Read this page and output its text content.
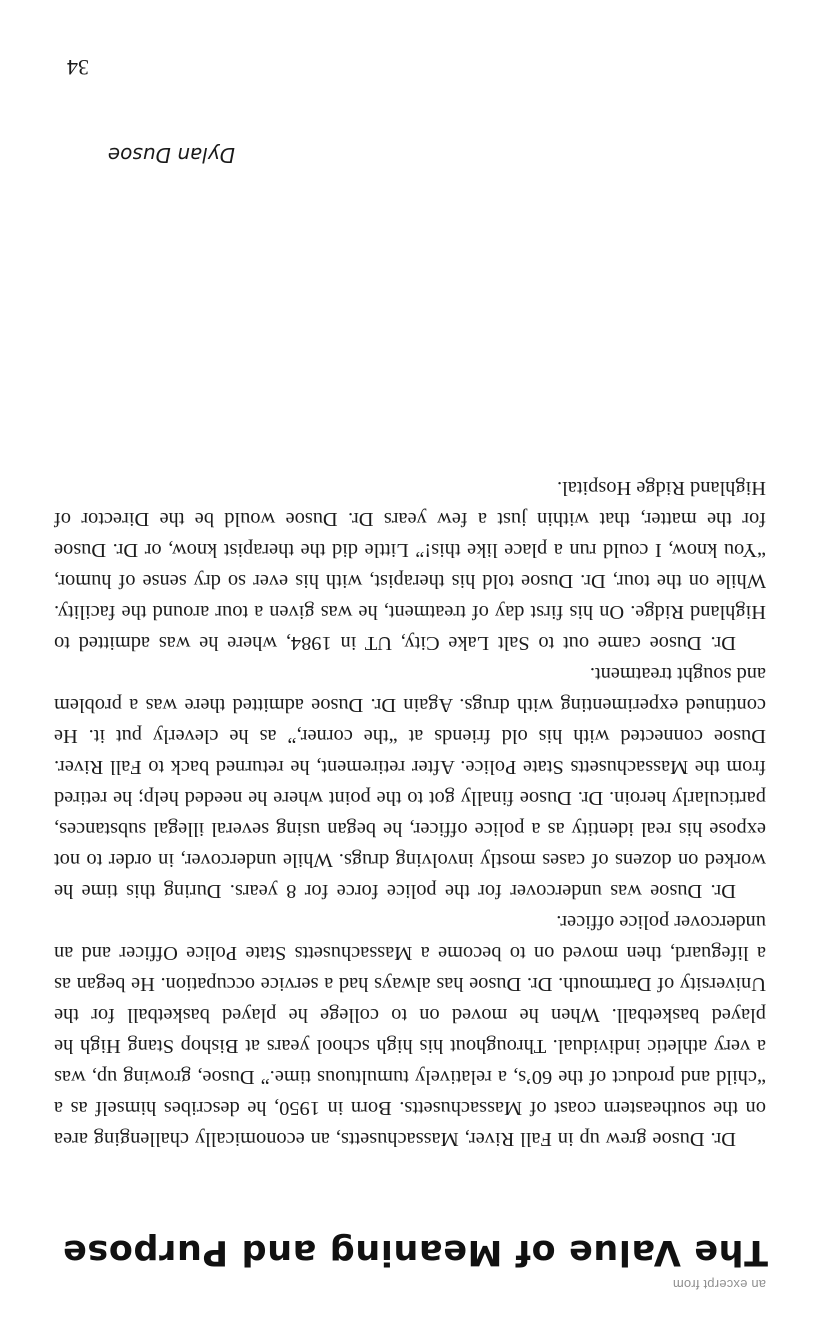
an excerpt from
The Value of Meaning and Purpose

Dr. Dusoe grew up in Fall River, Massachusetts, an economically challenging area on the southeastern coast of Massachusetts. Born in 1950, he describes himself as a “child and product of the 60’s, a relatively tumultuous time.” Dusoe, growing up, was a very athletic individual. Throughout his high school years at Bishop Stang High he played basketball. When he moved on to college he played basketball for the University of Dartmouth. Dr. Dusoe has always had a service occupation. He began as a lifeguard, then moved on to become a Massachusetts State Police Officer and an undercover police officer.

Dr. Dusoe was undercover for the police force for 8 years. During this time he worked on dozens of cases mostly involving drugs. While undercover, in order to not expose his real identity as a police officer, he began using several illegal substances, particularly heroin. Dr. Dusoe finally got to the point where he needed help; he retired from the Massachusetts State Police. After retirement, he returned back to Fall River. Dusoe connected with his old friends at “the corner,” as he cleverly put it. He continued experimenting with drugs. Again Dr. Dusoe admitted there was a problem and sought treatment.

Dr. Dusoe came out to Salt Lake City, UT in 1984, where he was admitted to Highland Ridge. On his first day of treatment, he was given a tour around the facility. While on the tour, Dr. Dusoe told his therapist, with his ever so dry sense of humor, “You know, I could run a place like this!” Little did the therapist know, or Dr. Dusoe for the matter, that within just a few years Dr. Dusoe would be the Director of Highland Ridge Hospital.

Dylan Dusoe
34
